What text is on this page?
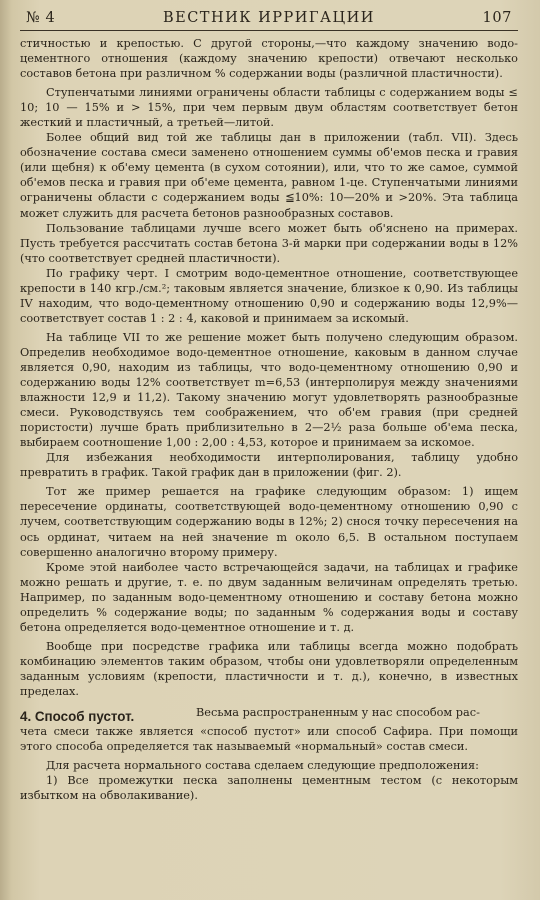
№ 4	ВЕСТНИК ИРРИГАЦИИ	107

стичностью и крепостью. С другой стороны,—что каждому значению водо-цементного отношения (каждому значению крепости) отвечают несколько составов бетона при различном % содержании воды (различной пластичности).

Ступенчатыми линиями ограничены области таблицы с содержанием воды ≤ 10; 10 — 15% и > 15%, при чем первым двум областям соответствует бетон жесткий и пластичный, а третьей—литой.

Более общий вид той же таблицы дан в приложении (табл. VII). Здесь обозначение состава смеси заменено отношением суммы об'емов песка и гравия (или щебня) к об'ему цемента (в сухом сотоянии), или, что то же самое, суммой об'емов песка и гравия при об'еме цемента, равном 1-це. Ступенчатыми линиями ограничены области с содержанием воды ≦10%: 10—20% и >20%. Эта таблица может служить для расчета бетонов разнообразных составов.

Пользование таблицами лучше всего может быть об'яснено на примерах. Пусть требуется рассчитать состав бетона 3-й марки при содержании воды в 12% (что соответствует средней пластичности).

По графику черт. I смотрим водо-цементное отношение, соответствующее крепости в 140 кгр./см.²; таковым является значение, близкое к 0,90. Из таблицы IV находим, что водо-цементному отношению 0,90 и содержанию воды 12,9%—соответствует состав 1 : 2 : 4, каковой и принимаем за искомый.

На таблице VII то же решение может быть получено следующим образом. Определив необходимое водо-цементное отношение, каковым в данном случае является 0,90, находим из таблицы, что водо-цементному отношению 0,90 и содержанию воды 12% соответствует m=6,53 (интерполируя между значениями влажности 12,9 и 11,2). Такому значению могут удовлетворять разнообразные смеси. Руководствуясь тем соображением, что об'ем гравия (при средней пористости) лучше брать приблизительно в 2—2½ раза больше об'ема песка, выбираем соотношение 1,00 : 2,00 : 4,53, которое и принимаем за искомое.

Для избежания необходимости интерполирования, таблицу удобно превратить в график. Такой график дан в приложении (фиг. 2).

Тот же пример решается на графике следующим образом: 1) ищем пересечение ординаты, соответствующей водо-цементному отношению 0,90 с лучем, соответствующим содержанию воды в 12%; 2) снося точку пересечения на ось ординат, читаем на ней значение m около 6,5. В остальном поступаем совершенно аналогично второму примеру.

Кроме этой наиболее часто встречающейся задачи, на таблицах и графике можно решать и другие, т. е. по двум заданным величинам определять третью. Например, по заданным водо-цементному отношению и составу бетона можно определить % содержание воды; по заданным % содержания воды и составу бетона определяется водо-цементное отношение и т. д.

Вообще при посредстве графика или таблицы всегда можно подобрать комбинацию элементов таким образом, чтобы они удовлетворяли определенным заданным условиям (крепости, пластичности и т. д.), конечно, в известных пределах.

4. Способ пустот.	Весьма распространенным у нас способом рас-
чета смеси также является «способ пустот» или способ Сафира. При помощи этого способа определяется так называемый «нормальный» состав смеси.

Для расчета нормального состава сделаем следующие предположения:

1) Все промежутки песка заполнены цементным тестом (с некоторым избытком на обволакивание).
